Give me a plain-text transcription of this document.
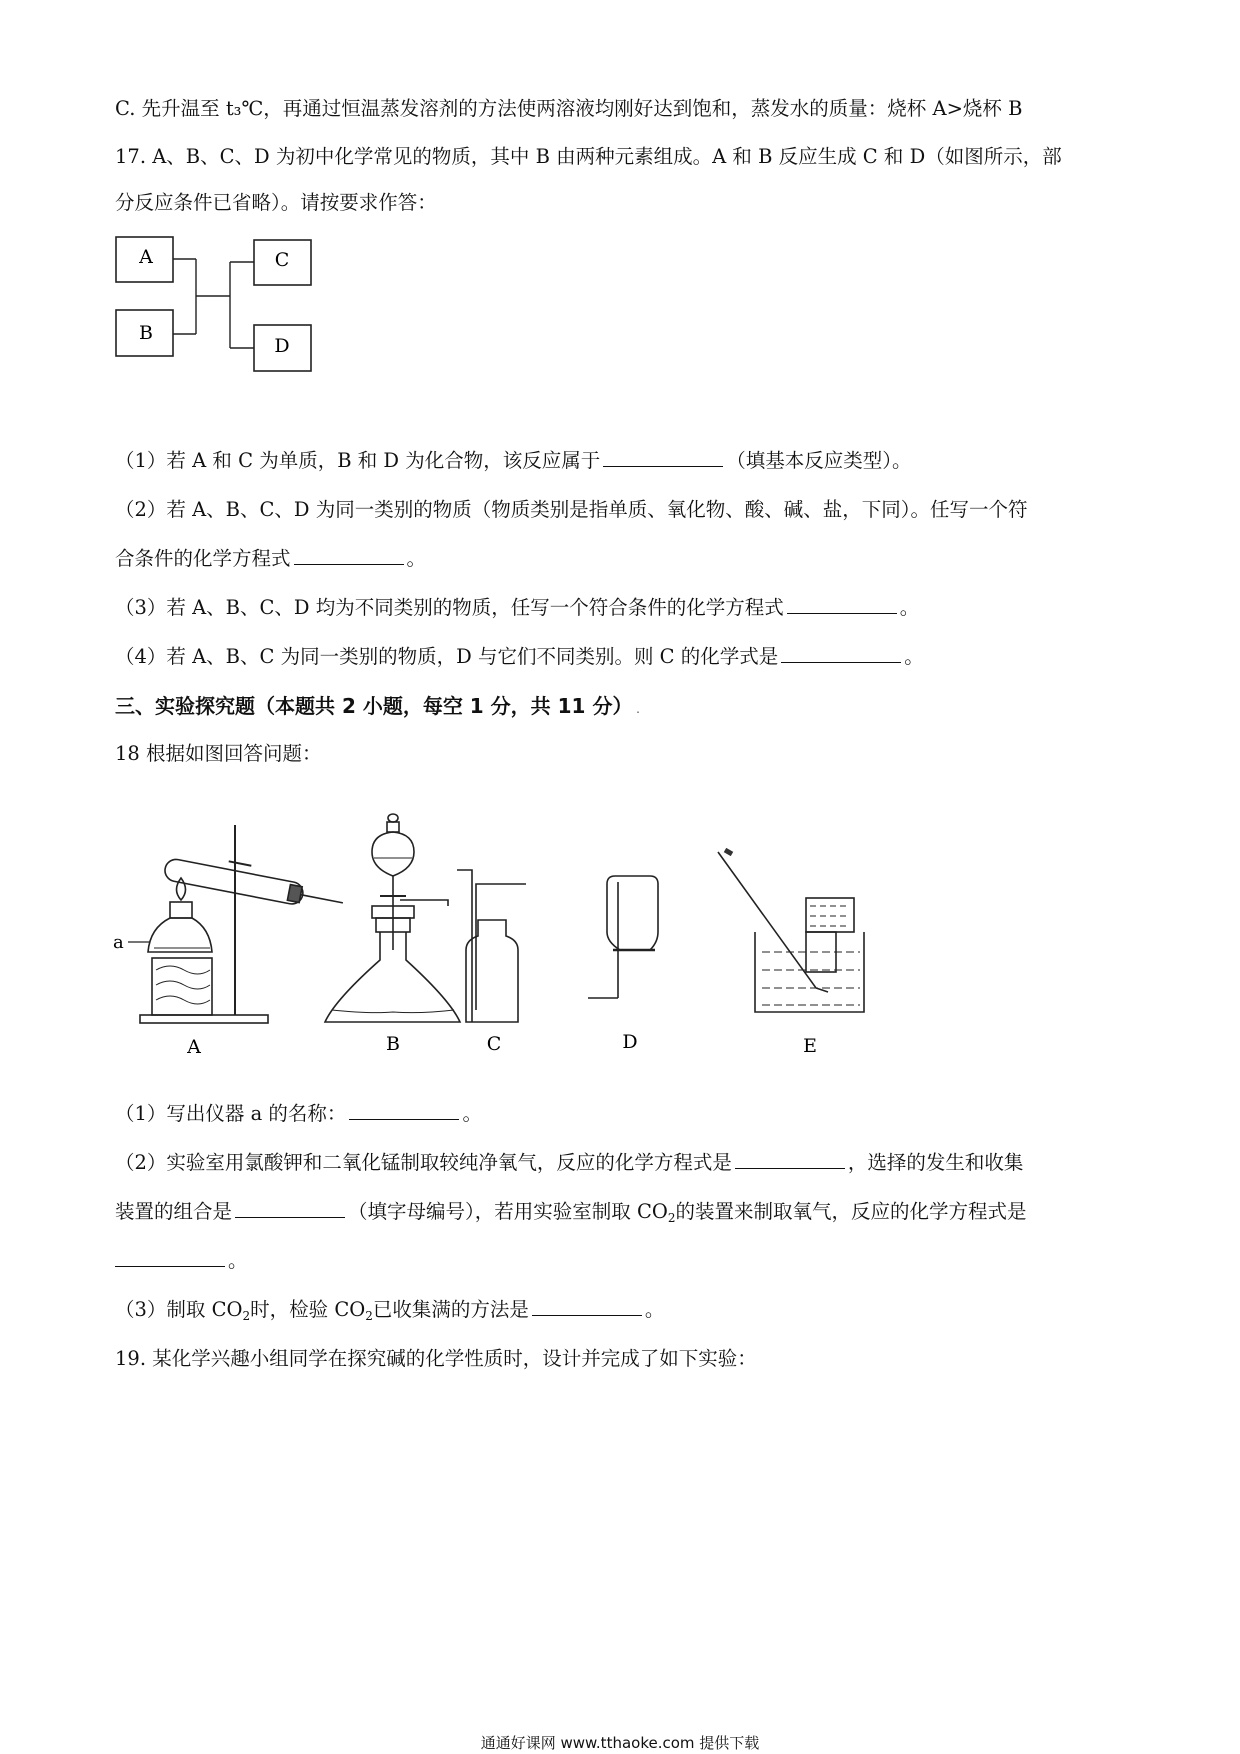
C. 先升温至 t₃℃，再通过恒温蒸发溶剂的方法使两溶液均刚好达到饱和，蒸发水的质量：烧杯 A>烧杯 B
17. A、B、C、D 为初中化学常见的物质，其中 B 由两种元素组成。A 和 B 反应生成 C 和 D（如图所示，部
分反应条件已省略）。请按要求作答：
A
B
C
D
（1）若 A 和 C 为单质，B 和 D 为化合物，该反应属于	（填基本反应类型）。
（2）若 A、B、C、D 为同一类别的物质（物质类别是指单质、氧化物、酸、碱、盐，下同）。任写一个符
合条件的化学方程式	。
（3）若 A、B、C、D 均为不同类别的物质，任写一个符合条件的化学方程式	。
（4）若 A、B、C 为同一类别的物质，D 与它们不同类别。则 C 的化学式是	。
三、实验探究题（本题共 2 小题，每空 1 分，共 11 分） .
18 根据如图回答问题：
a
A	B	C	D	E
（1）写出仪器 a 的名称：	。
（2）实验室用氯酸钾和二氧化锰制取较纯净氧气，反应的化学方程式是	，选择的发生和收集
装置的组合是	（填字母编号），若用实验室制取 $CO_2$的装置来制取氧气，反应的化学方程式是
。
（3）制取 $CO_2$时，检验 $CO_2$已收集满的方法是	。
19. 某化学兴趣小组同学在探究碱的化学性质时，设计并完成了如下实验：
通通好课网 www.tthaoke.com 提供下载
